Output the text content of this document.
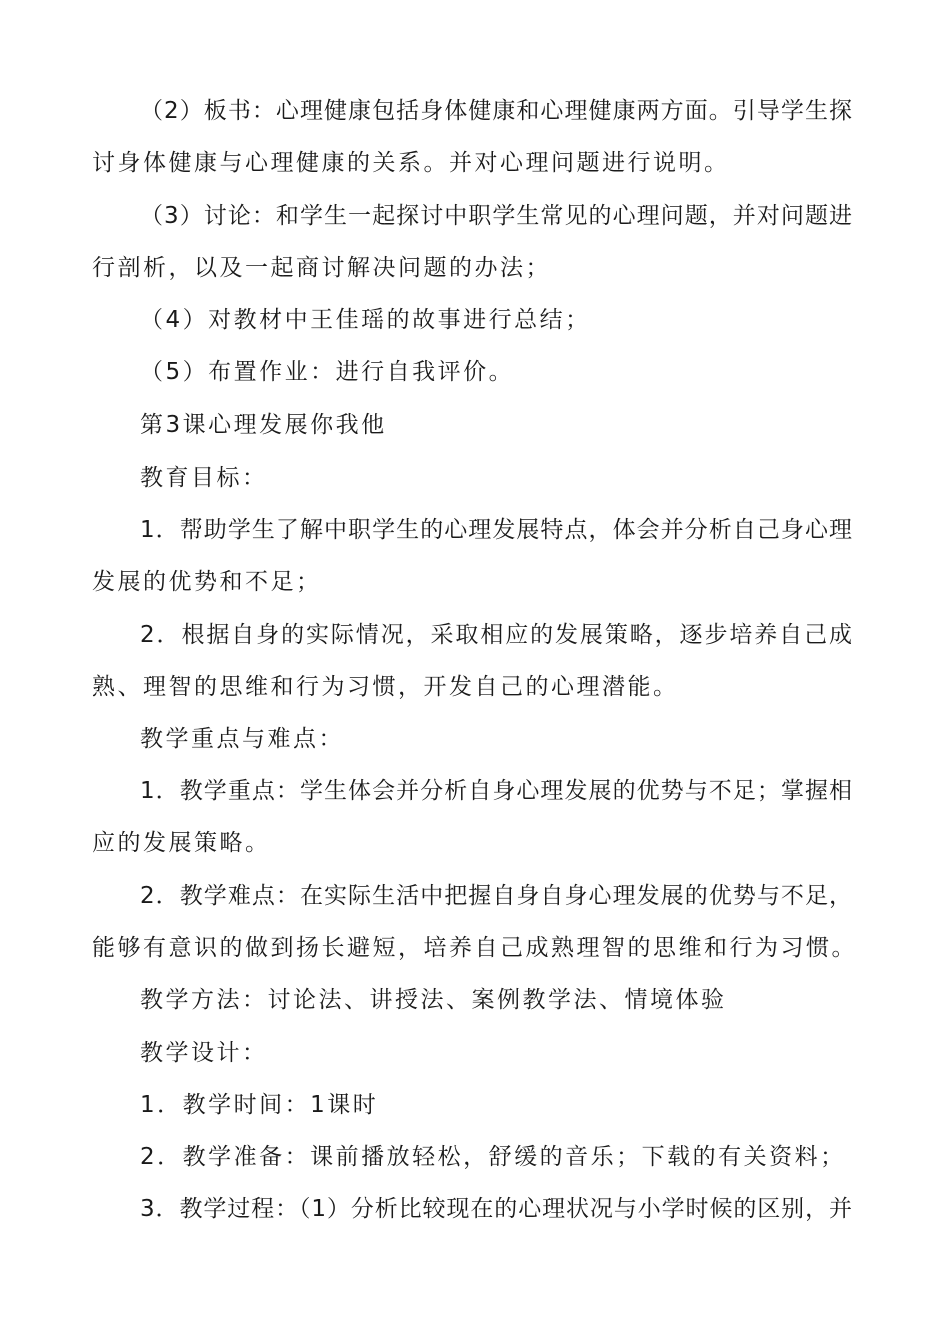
（2）板书：心理健康包括身体健康和心理健康两方面。引导学生探
讨身体健康与心理健康的关系。并对心理问题进行说明。
（3）讨论：和学生一起探讨中职学生常见的心理问题，并对问题进
行剖析，以及一起商讨解决问题的办法；
（4）对教材中王佳瑶的故事进行总结；
（5）布置作业：进行自我评价。
第3课心理发展你我他
教育目标：
1．帮助学生了解中职学生的心理发展特点，体会并分析自己身心理
发展的优势和不足；
2．根据自身的实际情况，采取相应的发展策略，逐步培养自己成
熟、理智的思维和行为习惯，开发自己的心理潜能。
教学重点与难点：
1．教学重点：学生体会并分析自身心理发展的优势与不足；掌握相
应的发展策略。
2．教学难点：在实际生活中把握自身自身心理发展的优势与不足，
能够有意识的做到扬长避短，培养自己成熟理智的思维和行为习惯。
教学方法：讨论法、讲授法、案例教学法、情境体验
教学设计：
1．教学时间：1课时
2．教学准备：课前播放轻松，舒缓的音乐；下载的有关资料；
3．教学过程：（1）分析比较现在的心理状况与小学时候的区别，并
